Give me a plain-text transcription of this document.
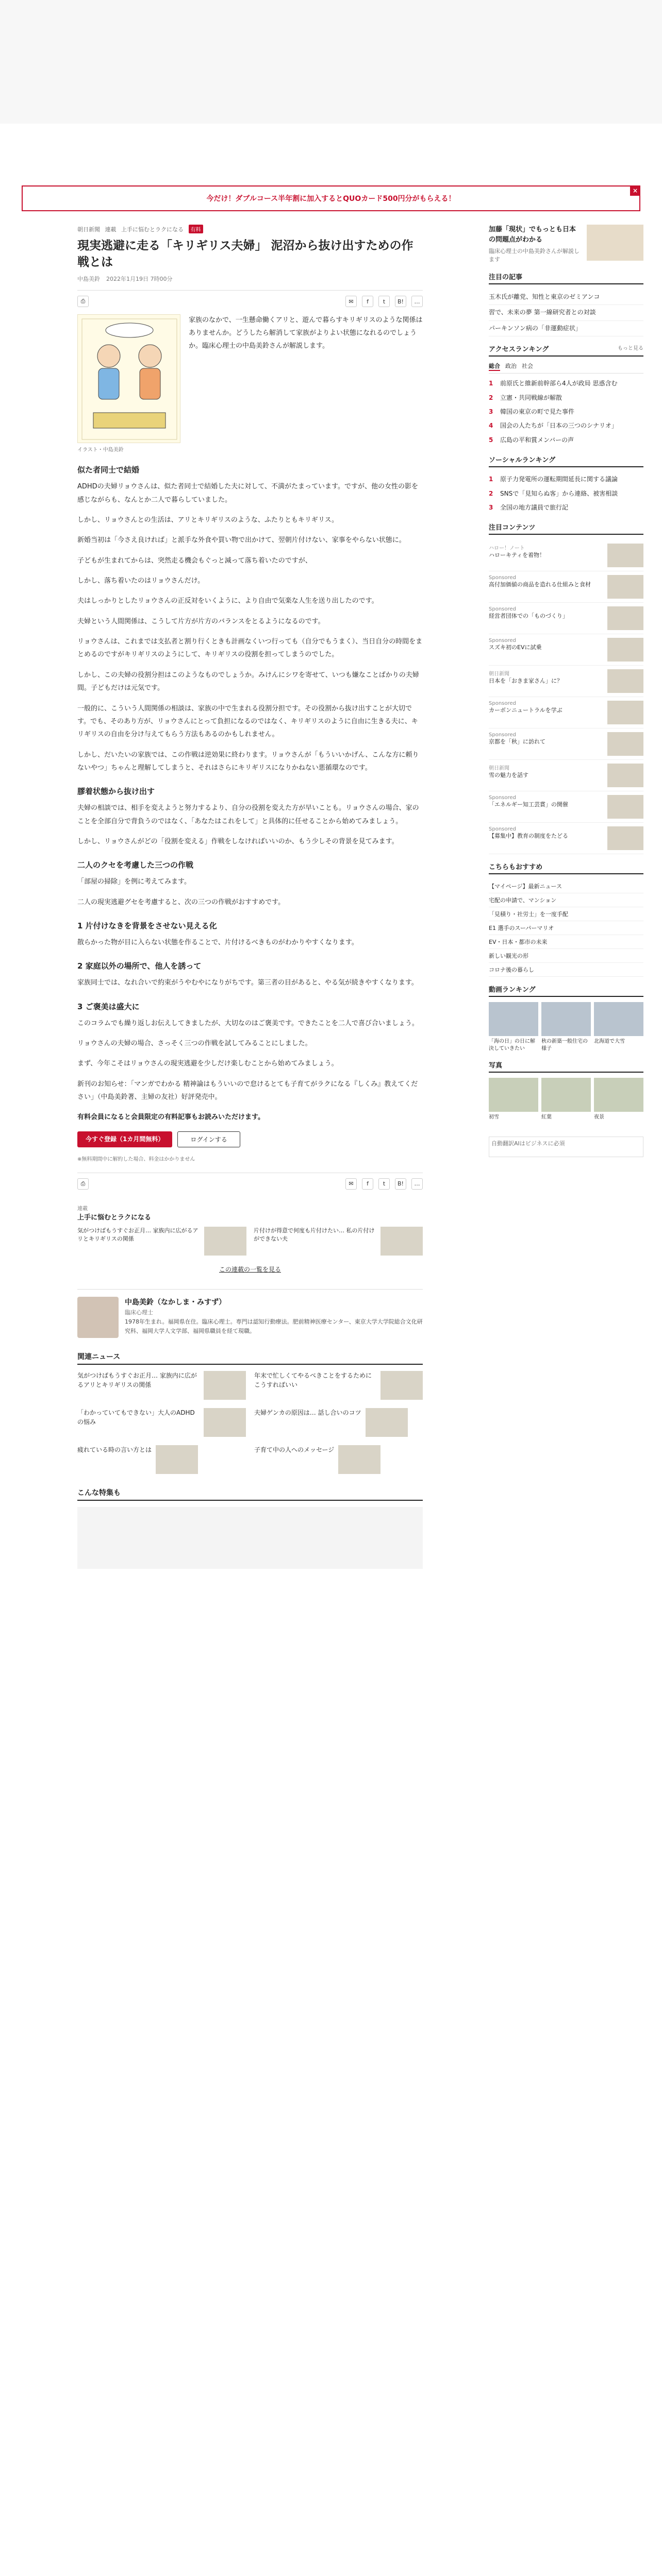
今だけ！ダブルコース半年割に加入するとQUOカード500円分がもらえる！
×
朝日新聞 連載 上手に悩むとラクになる 有料
現実逃避に走る「キリギリス夫婦」 泥沼から抜け出すための作戦とは
中島美鈴 2022年1月19日 7時00分
⎙	✉	f	t	B!	…
イラスト・中島美鈴
家族のなかで、一生懸命働くアリと、遊んで暮らすキリギリスのような関係はありませんか。どうしたら解消して家族がよりよい状態になれるのでしょうか。臨床心理士の中島美鈴さんが解説します。
似た者同士で結婚

ADHDの夫婦リョウさんは、似た者同士で結婚した夫に対して、不満がたまっています。ですが、他の女性の影を感じながらも、なんとか二人で暮らしていました。

しかし、リョウさんとの生活は、アリとキリギリスのような、ふたりともキリギリス。

新婚当初は「今さえ良ければ」と派手な外食や買い物で出かけて、翌朝片付けない、家事をやらない状態に。

子どもが生まれてからは、突然走る機会もぐっと減って落ち着いたのですが、

しかし、落ち着いたのはリョウさんだけ。

夫はしっかりとしたリョウさんの正反対をいくように、より自由で気楽な人生を送り出したのです。

夫婦という人間関係は、こうして片方が片方のバランスをとるようになるのです。

リョウさんは、これまでは支払者と割り行くときも計画なくいつ行っても（自分でもうまく）、当日自分の時間をまとめるのですがキリギリスのようにして、キリギリスの役割を担ってしまうのでした。

しかし、この夫婦の役割分担はこのようなものでしょうか。みけんにシワを寄せて、いつも嫌なことばかりの夫婦間。子どもだけは元気です。

一般的に、こういう人間関係の相談は、家族の中で生まれる役割分担です。その役割から抜け出すことが大切です。でも、そのあり方が、リョウさんにとって負担になるのではなく、キリギリスのように自由に生きる夫に、キリギリスの自由を分け与えてもらう方法もあるのかもしれません。

しかし、だいたいの家族では、この作戦は逆効果に終わります。リョウさんが「もういいかげん、こんな方に頼りないやつ」ちゃんと理解してしまうと、それはさらにキリギリスになりかねない悪循環なのです。

膠着状態から抜け出す

夫婦の相談では、相手を変えようと努力するより、自分の役割を変えた方が早いことも。リョウさんの場合、家のことを全部自分で背負うのではなく、「あなたはこれをして」と具体的に任せることから始めてみましょう。

しかし、リョウさんがどの「役割を変える」作戦をしなければいいのか、もう少しその背景を見てみます。

二人のクセを考慮した三つの作戦

「部屋の掃除」を例に考えてみます。

二人の現実逃避グセを考慮すると、次の三つの作戦がおすすめです。

1 片付けなきを背景をさせない見える化

散らかった物が目に入らない状態を作ることで、片付けるべきものがわかりやすくなります。

2 家庭以外の場所で、他人を誘って

家族同士では、なれ合いで約束がうやむやになりがちです。第三者の目があると、やる気が続きやすくなります。

3 ご褒美は盛大に

このコラムでも繰り返しお伝えしてきましたが、大切なのはご褒美です。できたことを二人で喜び合いましょう。

リョウさんの夫婦の場合、さっそく三つの作戦を試してみることにしました。

まず、今年こそはリョウさんの現実逃避を少しだけ楽しむことから始めてみましょう。

新刊のお知らせ：「マンガでわかる 精神論はもういいので怠けるとても子育てがラクになる『しくみ』教えてください」（中島美鈴著、主婦の友社）好評発売中。

有料会員になると会員限定の有料記事もお読みいただけます。

今すぐ登録（1カ月間無料）	ログインする

※無料期間中に解約した場合、料金はかかりません

⎙	✉	f	t	B!	…
連載
上手に悩むとラクになる
気がつけばもうすぐお正月… 家族内に広がるアリとキリギリスの関係
片付けが得意で何度も片付けたい… 私の片付けができない夫
この連載の一覧を見る
中島美鈴（なかしま・みすず）
臨床心理士
1978年生まれ。福岡県在住。臨床心理士。専門は認知行動療法。肥前精神医療センター、東京大学大学院総合文化研究科、福岡大学人文学部、福岡県職員を経て現職。
関連ニュース
気がつけばもうすぐお正月… 家族内に広がるアリとキリギリスの関係
年末で忙しくてやるべきことをするためにこうすればいい
「わかっていてもできない」大人のADHDの悩み
夫婦ゲンカの原因は… 話し合いのコツ
疲れている時の言い方とは	子育て中の人へのメッセージ
こんな特集も
加藤「現状」でもっとも日本の問題点がわかる
臨床心理士の中島美鈴さんが解説します
注目の記事
玉木氏が離党、知性と東京のゼミアンコ
習で、未来の夢 第一線研究者との対談
パーキンソン病の「非運動症状」
アクセスランキング	もっと見る
総合 政治 社会
1	前原氏と維新前幹部ら4人が政局 思惑含む
2	立憲・共同戦線が解散
3	韓国の東京の町で見た事件
4	国会の人たちが「日本の三つのシナリオ」
5	広島の平和賞メンバーの声
ソーシャルランキング
1	原子力発電所の運転期間延長に関する議論
2	SNSで「見知らぬ客」から連絡、被害相談
3	全国の地方議員で旅行記
注目コンテンツ
ハロー！ノート
ハローキティを着物！
Sponsored
高付加価値の商品を造れる仕組みと食材
Sponsored
経営者団体での「ものづくり」
Sponsored
スズキ初のEVに試乗
朝日新聞
日本を「おきま家さん」に？
Sponsored
カーボンニュートラルを学ぶ
Sponsored
京都を「秋」に訪れて
朝日新聞
雪の魅力を話す
Sponsored
「エネルギー知工芸賞」の開催
Sponsored
【募集中】教育の制度をたどる
こちらもおすすめ
【マイページ】最新ニュース
宅配の申請で、マンション
「見積り・社労士」を一度手配
E1 選手のスーパーマリオ
EV・日本・都市の未来
新しい観光の形
コロナ後の暮らし
動画ランキング
「海の日」の日に解決していきたい
秋の新築一般住宅の様子
北海道で大雪
写真
初雪	紅葉	夜景
自動翻訳AIはビジネスに必須
